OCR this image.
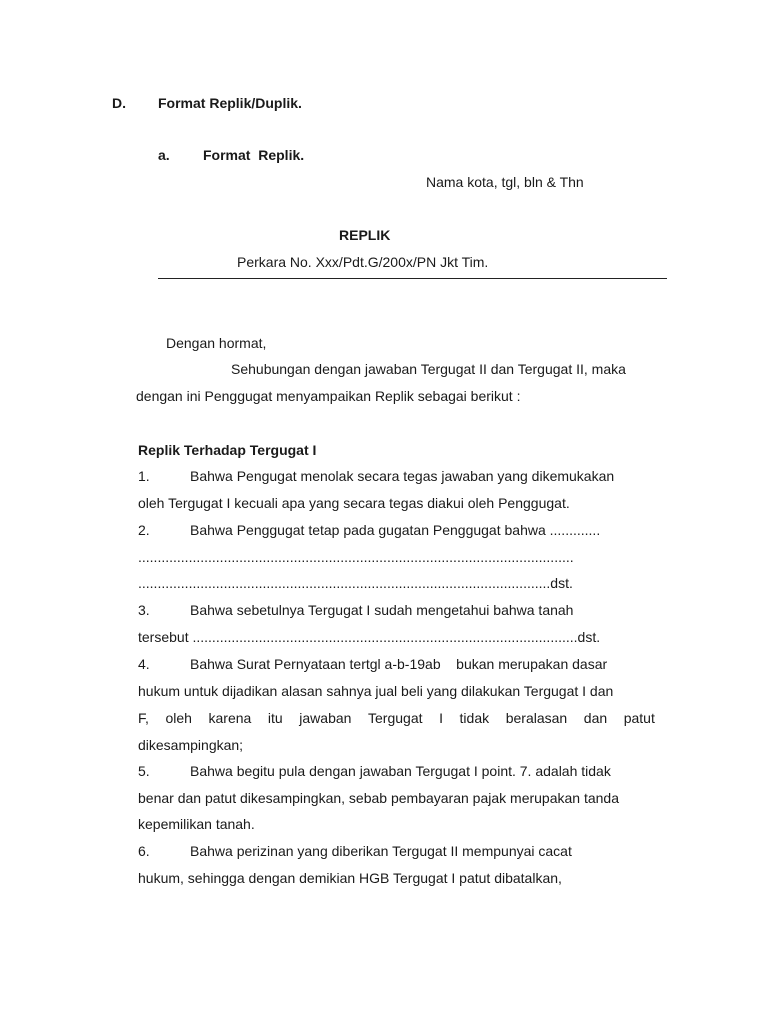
D. Format Replik/Duplik.
a. Format  Replik.
Nama kota, tgl, bln & Thn
REPLIK
Perkara No. Xxx/Pdt.G/200x/PN Jkt Tim.
Dengan hormat,
Sehubungan dengan jawaban Tergugat II dan Tergugat II, maka
dengan ini Penggugat menyampaikan Replik sebagai berikut :
Replik Terhadap Tergugat I
1.	Bahwa Pengugat menolak secara tegas jawaban yang dikemukakan
oleh Tergugat I kecuali apa yang secara tegas diakui oleh Penggugat.
2.	Bahwa Penggugat tetap pada gugatan Penggugat bahwa .............
................................................................................................................
..........................................................................................................dst.
3.	Bahwa sebetulnya Tergugat I sudah mengetahui bahwa tanah
tersebut ...................................................................................................dst.
4.	Bahwa Surat Pernyataan tertgl a-b-19ab    bukan merupakan dasar
hukum untuk dijadikan alasan sahnya jual beli yang dilakukan Tergugat I dan
F, oleh karena itu jawaban Tergugat I tidak beralasan dan patut
dikesampingkan;
5.	Bahwa begitu pula dengan jawaban Tergugat I point. 7. adalah tidak
benar dan patut dikesampingkan, sebab pembayaran pajak merupakan tanda
kepemilikan tanah.
6.	Bahwa perizinan yang diberikan Tergugat II mempunyai cacat
hukum, sehingga dengan demikian HGB Tergugat I patut dibatalkan,
